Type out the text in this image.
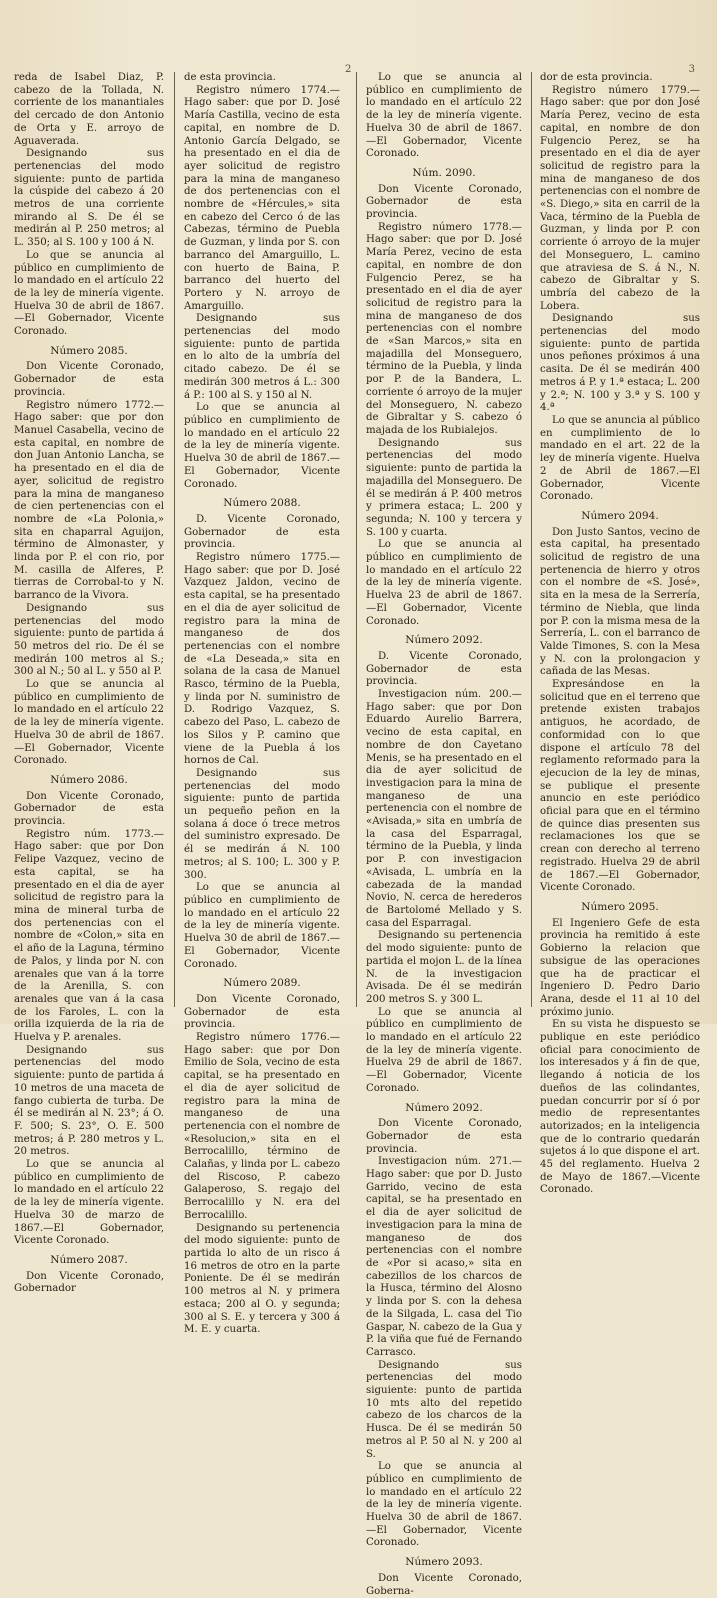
2	3

reda de Isabel Diaz, P. cabezo de la Tollada, N. corriente de los manantiales del cercado de don Antonio de Orta y E. arroyo de Aguaverada.

Designando sus pertenencias del modo siguiente: punto de partida la cúspide del cabezo á 20 metros de una corriente mirando al S. De él se medirán al P. 250 metros; al L. 350; al S. 100 y 100 á N.

Lo que se anuncia al público en cumplimiento de lo mandado en el artículo 22 de la ley de minería vigente. Huelva 30 de abril de 1867.—El Gobernador, Vicente Coronado.

Número 2085.

Don Vicente Coronado, Gobernador de esta provincia.

Registro número 1772.—Hago saber: que por don Manuel Casabella, vecino de esta capital, en nombre de don Juan Antonio Lancha, se ha presentado en el dia de ayer, solicitud de registro para la mina de manganeso de cien pertenencias con el nombre de «La Polonia,» sita en chaparral Aguijon, término de Almonaster, y linda por P. el con rio, por M. casilla de Alferes, P. tierras de Corrobal-to y N. barranco de la Vivora.

Designando sus pertenencias del modo siguiente: punto de partida á 50 metros del rio. De él se medirán 100 metros al S.; 300 al N.; 50 al L. y 550 al P.

Lo que se anuncia al público en cumplimiento de lo mandado en el artículo 22 de la ley de minería vigente. Huelva 30 de abril de 1867.—El Gobernador, Vicente Coronado.

Número 2086.

Don Vicente Coronado, Gobernador de esta provincia.

Registro núm. 1773.—Hago saber: que por Don Felipe Vazquez, vecino de esta capital, se ha presentado en el dia de ayer solicitud de registro para la mina de mineral turba de dos pertenencias con el nombre de «Colon,» sita en el año de la Laguna, término de Palos, y linda por N. con arenales que van á la torre de la Arenilla, S. con arenales que van á la casa de los Faroles, L. con la orilla izquierda de la ria de Huelva y P. arenales.

Designando sus pertenencias del modo siguiente: punto de partida á 10 metros de una maceta de fango cubierta de turba. De él se medirán al N. 23°; á O. F. 500; S. 23°, O. E. 500 metros; á P. 280 metros y L. 20 metros.

Lo que se anuncia al público en cumplimiento de lo mandado en el artículo 22 de la ley de minería vigente. Huelva 30 de marzo de 1867.—El Gobernador, Vicente Coronado.

Número 2087.

Don Vicente Coronado, Gobernador

de esta provincia.

Registro número 1774.—Hago saber: que por D. José María Castilla, vecino de esta capital, en nombre de D. Antonio García Delgado, se ha presentado en el dia de ayer solicitud de registro para la mina de manganeso de dos pertenencias con el nombre de «Hércules,» sita en cabezo del Cerco ó de las Cabezas, término de Puebla de Guzman, y linda por S. con barranco del Amarguillo, L. con huerto de Baina, P. barranco del huerto del Portero y N. arroyo de Amarguillo.

Designando sus pertenencias del modo siguiente: punto de partida en lo alto de la umbría del citado cabezo. De él se medirán 300 metros á L.: 300 á P.: 100 al S. y 150 al N.

Lo que se anuncia al público en cumplimiento de lo mandado en el artículo 22 de la ley de minería vigente. Huelva 30 de abril de 1867.—El Gobernador, Vicente Coronado.

Número 2088.

D. Vicente Coronado, Gobernador de esta provincia.

Registro número 1775.—Hago saber: que por D. José Vazquez Jaldon, vecino de esta capital, se ha presentado en el dia de ayer solicitud de registro para la mina de manganeso de dos pertenencias con el nombre de «La Deseada,» sita en solana de la casa de Manuel Rasco, término de la Puebla, y linda por N. suministro de D. Rodrigo Vazquez, S. cabezo del Paso, L. cabezo de los Silos y P. camino que viene de la Puebla á los hornos de Cal.

Designando sus pertenencias del modo siguiente: punto de partida un pequeño peñon en la solana á doce ó trece metros del suministro expresado. De él se medirán á N. 100 metros; al S. 100; L. 300 y P. 300.

Lo que se anuncia al público en cumplimiento de lo mandado en el artículo 22 de la ley de minería vigente. Huelva 30 de abril de 1867.—El Gobernador, Vicente Coronado.

Número 2089.

Don Vicente Coronado, Gobernador de esta provincia.

Registro número 1776.—Hago saber: que por Don Emilio de Sola, vecino de esta capital, se ha presentado en el dia de ayer solicitud de registro para la mina de manganeso de una pertenencia con el nombre de «Resolucion,» sita en el Berrocalillo, término de Calañas, y linda por L. cabezo del Riscoso, P. cabezo Galaperoso, S. regajo del Berrocalillo y N. era del Berrocalillo.

Designando su pertenencia del modo siguiente: punto de partida lo alto de un risco á 16 metros de otro en la parte Poniente. De él se medirán 100 metros al N. y primera estaca; 200 al O. y segunda; 300 al S. E. y tercera y 300 á M. E. y cuarta.

Lo que se anuncia al público en cumplimiento de lo mandado en el artículo 22 de la ley de minería vigente. Huelva 30 de abril de 1867. —El Gobernador, Vicente Coronado.

Núm. 2090.

Don Vicente Coronado, Gobernador de esta provincia.

Registro número 1778.—Hago saber: que por D. José María Perez, vecino de esta capital, en nombre de don Fulgencio Perez, se ha presentado en el dia de ayer solicitud de registro para la mina de manganeso de dos pertenencias con el nombre de «San Marcos,» sita en majadilla del Monseguero, término de la Puebla, y linda por P. de la Bandera, L. corriente ó arroyo de la mujer del Monseguero, N. cabezo de Gibraltar y S. cabezo ó majada de los Rubialejos.

Designando sus pertenencias del modo siguiente: punto de partida la majadilla del Monseguero. De él se medirán á P. 400 metros y primera estaca; L. 200 y segunda; N. 100 y tercera y S. 100 y cuarta.

Lo que se anuncia al público en cumplimiento de lo mandado en el artículo 22 de la ley de minería vigente. Huelva 23 de abril de 1867. —El Gobernador, Vicente Coronado.

Número 2092.

D. Vicente Coronado, Gobernador de esta provincia.

Investigacion núm. 200.—Hago saber: que por Don Eduardo Aurelio Barrera, vecino de esta capital, en nombre de don Cayetano Menis, se ha presentado en el dia de ayer solicitud de investigacion para la mina de manganeso de una pertenencia con el nombre de «Avisada,» sita en umbría de la casa del Esparragal, término de la Puebla, y linda por P. con investigacion «Avisada, L. umbría en la cabezada de la mandad Novio, N. cerca de herederos de Bartolomé Mellado y S. casa del Esparragal.

Designando su pertenencia del modo siguiente: punto de partida el mojon L. de la línea N. de la investigacion Avisada. De él se medirán 200 metros S. y 300 L.

Lo que se anuncia al público en cumplimiento de lo mandado en el artículo 22 de la ley de minería vigente. Huelva 29 de abril de 1867. —El Gobernador, Vicente Coronado.

Número 2092.

Don Vicente Coronado, Gobernador de esta provincia.

Investigacion núm. 271.—Hago saber: que por D. Justo Garrido, vecino de esta capital, se ha presentado en el dia de ayer solicitud de investigacion para la mina de manganeso de dos pertenencias con el nombre de «Por si acaso,» sita en cabezillos de los charcos de la Husca, término del Alosno y linda por S. con la dehesa de la Silgada, L. casa del Tio Gaspar, N. cabezo de la Gua y P. la viña que fué de Fernando Carrasco.

Designando sus pertenencias del modo siguiente: punto de partida 10 mts alto del repetido cabezo de los charcos de la Husca. De él se medirán 50 metros al P. 50 al N. y 200 al S.

Lo que se anuncia al público en cumplimiento de lo mandado en el artículo 22 de la ley de minería vigente. Huelva 30 de abril de 1867. —El Gobernador, Vicente Coronado.

Número 2093.

Don Vicente Coronado, Goberna-

dor de esta provincia.

Registro número 1779.—Hago saber: que por don José María Perez, vecino de esta capital, en nombre de don Fulgencio Perez, se ha presentado en el dia de ayer solicitud de registro para la mina de manganeso de dos pertenencias con el nombre de «S. Diego,» sita en carril de la Vaca, término de la Puebla de Guzman, y linda por P. con corriente ó arroyo de la mujer del Monseguero, L. camino que atraviesa de S. á N., N. cabezo de Gibraltar y S. umbría del cabezo de la Lobera.

Designando sus pertenencias del modo siguiente: punto de partida unos peñones próximos á una casita. De él se medirán 400 metros á P. y 1.ª estaca; L. 200 y 2.ª; N. 100 y 3.ª y S. 100 y 4.ª

Lo que se anuncia al público en cumplimiento de lo mandado en el art. 22 de la ley de minería vigente. Huelva 2 de Abril de 1867.—El Gobernador, Vicente Coronado.

Número 2094.

Don Justo Santos, vecino de esta capital, ha presentado solicitud de registro de una pertenencia de hierro y otros con el nombre de «S. José», sita en la mesa de la Serrería, término de Niebla, que linda por P. con la misma mesa de la Serrería, L. con el barranco de Valde Timones, S. con la Mesa y N. con la prolongacion y cañada de las Mesas.

Expresándose en la solicitud que en el terreno que pretende existen trabajos antiguos, he acordado, de conformidad con lo que dispone el artículo 78 del reglamento reformado para la ejecucion de la ley de minas, se publique el presente anuncio en este periódico oficial para que en el término de quince dias presenten sus reclamaciones los que se crean con derecho al terreno registrado. Huelva 29 de abril de 1867.—El Gobernador, Vicente Coronado.

Número 2095.

El Ingeniero Gefe de esta provincia ha remitido á este Gobierno la relacion que subsigue de las operaciones que ha de practicar el Ingeniero D. Pedro Dario Arana, desde el 11 al 10 del próximo junio.

En su vista he dispuesto se publique en este periódico oficial para conocimiento de los interesados y á fin de que, llegando á noticia de los dueños de las colindantes, puedan concurrir por sí ó por medio de representantes autorizados; en la inteligencia que de lo contrario quedarán sujetos á lo que dispone el art. 45 del reglamento. Huelva 2 de Mayo de 1867.—Vicente Coronado.
